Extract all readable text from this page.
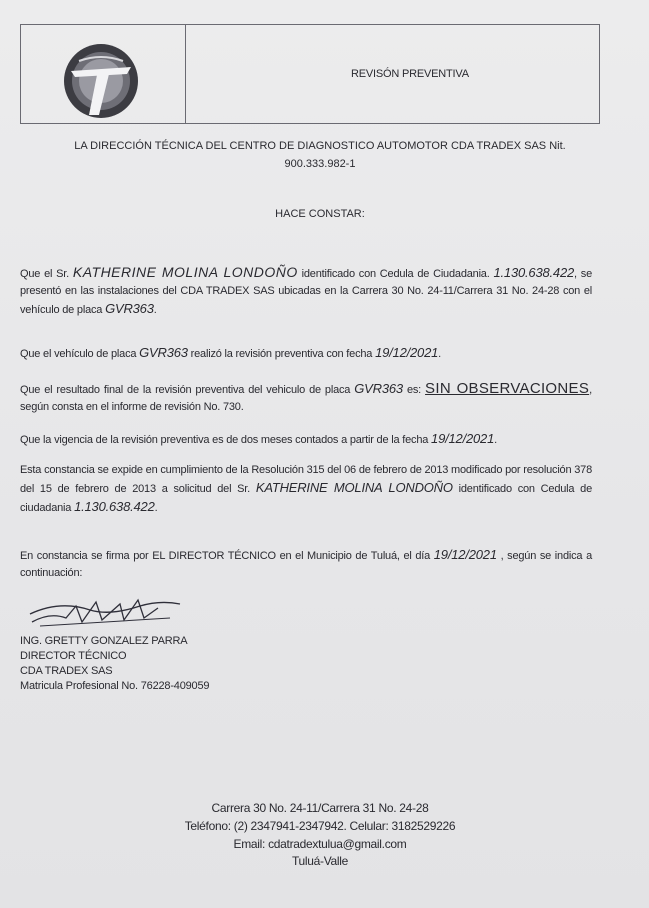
REVISÓN PREVENTIVA
LA DIRECCIÓN TÉCNICA DEL CENTRO DE DIAGNOSTICO AUTOMOTOR CDA TRADEX SAS Nit.
900.333.982-1
HACE CONSTAR:
Que el Sr. KATHERINE MOLINA LONDOÑO identificado con Cedula de Ciudadania. 1.130.638.422, se presentó en las instalaciones del CDA TRADEX SAS ubicadas en la Carrera 30 No. 24-11/Carrera 31 No. 24-28 con el vehículo de placa GVR363.
Que el vehículo de placa GVR363 realizó la revisión preventiva con fecha 19/12/2021.
Que el resultado final de la revisión preventiva del vehiculo de placa GVR363 es: SIN OBSERVACIONES, según consta en el informe de revisión No. 730.
Que la vigencia de la revisión preventiva es de dos meses contados a partir de la fecha 19/12/2021.
Esta constancia se expide en cumplimiento de la Resolución 315 del 06 de febrero de 2013 modificado por resolución 378 del 15 de febrero de 2013 a solicitud del Sr. KATHERINE MOLINA LONDOÑO identificado con Cedula de ciudadania 1.130.638.422.
En constancia se firma por EL DIRECTOR TÉCNICO en el Municipio de Tuluá, el día 19/12/2021 , según se indica a continuación:
ING. GRETTY GONZALEZ PARRA
DIRECTOR TÉCNICO
CDA TRADEX SAS
Matricula Profesional No. 76228-409059
Carrera 30 No. 24-11/Carrera 31 No. 24-28
Teléfono: (2) 2347941-2347942. Celular: 3182529226
Email: cdatradextulua@gmail.com
Tuluá-Valle
